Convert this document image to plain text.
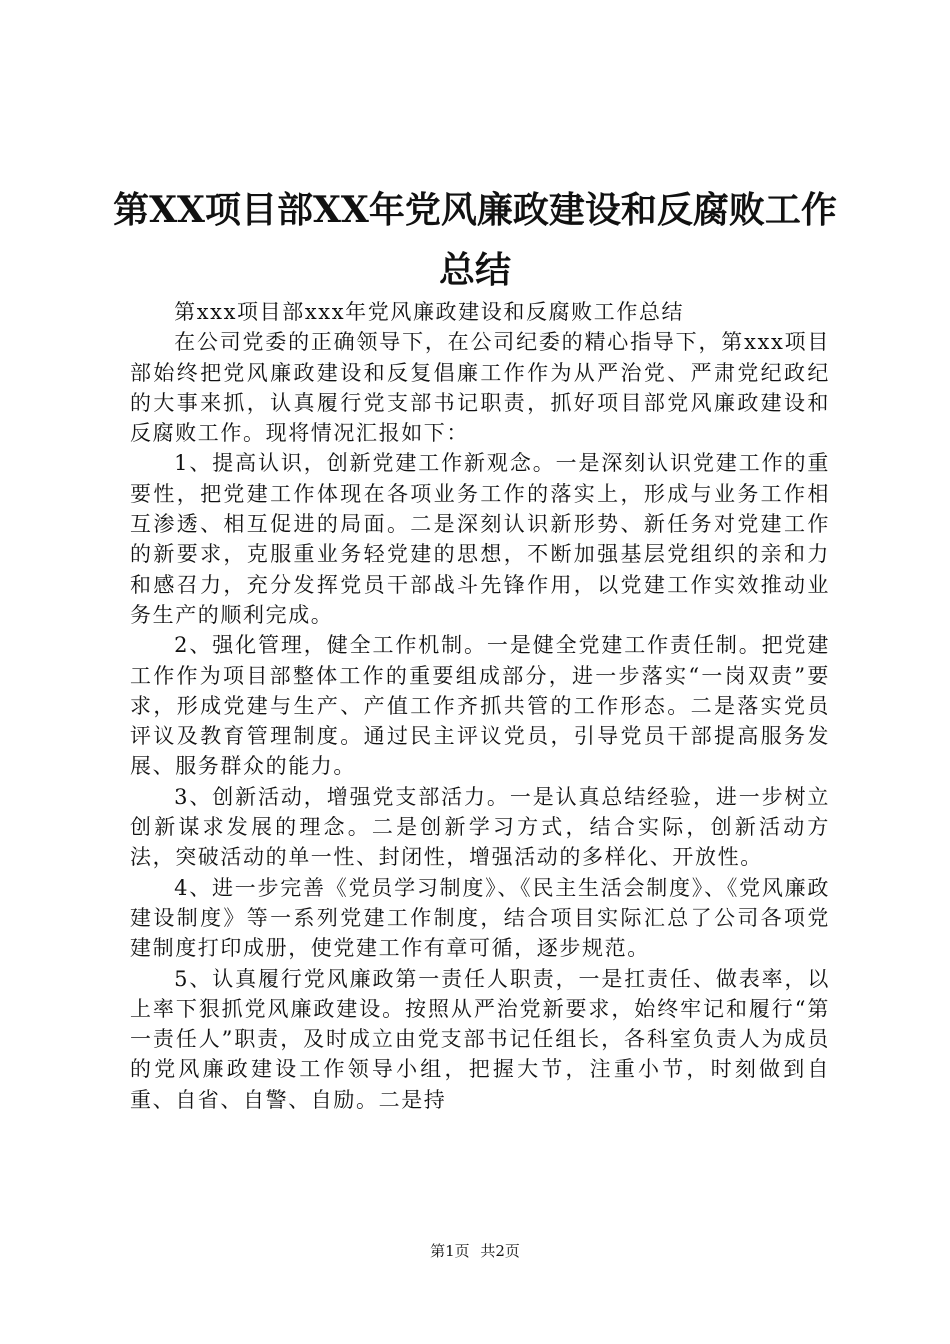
第XX项目部XX年党风廉政建设和反腐败工作
总结

第xxx项目部xxx年党风廉政建设和反腐败工作总结

在公司党委的正确领导下，在公司纪委的精心指导下，第xxx项目部始终把党风廉政建设和反复倡廉工作作为从严治党、严肃党纪政纪的大事来抓，认真履行党支部书记职责，抓好项目部党风廉政建设和反腐败工作。现将情况汇报如下：

1、提高认识，创新党建工作新观念。一是深刻认识党建工作的重要性，把党建工作体现在各项业务工作的落实上，形成与业务工作相互渗透、相互促进的局面。二是深刻认识新形势、新任务对党建工作的新要求，克服重业务轻党建的思想，不断加强基层党组织的亲和力和感召力，充分发挥党员干部战斗先锋作用，以党建工作实效推动业务生产的顺利完成。

2、强化管理，健全工作机制。一是健全党建工作责任制。把党建工作作为项目部整体工作的重要组成部分，进一步落实“一岗双责”要求，形成党建与生产、产值工作齐抓共管的工作形态。二是落实党员评议及教育管理制度。通过民主评议党员，引导党员干部提高服务发展、服务群众的能力。

3、创新活动，增强党支部活力。一是认真总结经验，进一步树立创新谋求发展的理念。二是创新学习方式，结合实际，创新活动方法，突破活动的单一性、封闭性，增强活动的多样化、开放性。

4、进一步完善《党员学习制度》、《民主生活会制度》、《党风廉政建设制度》等一系列党建工作制度，结合项目实际汇总了公司各项党建制度打印成册，使党建工作有章可循，逐步规范。

5、认真履行党风廉政第一责任人职责，一是扛责任、做表率，以上率下狠抓党风廉政建设。按照从严治党新要求，始终牢记和履行“第一责任人”职责，及时成立由党支部书记任组长，各科室负责人为成员的党风廉政建设工作领导小组，把握大节，注重小节，时刻做到自重、自省、自警、自励。二是持

第1页 共2页
